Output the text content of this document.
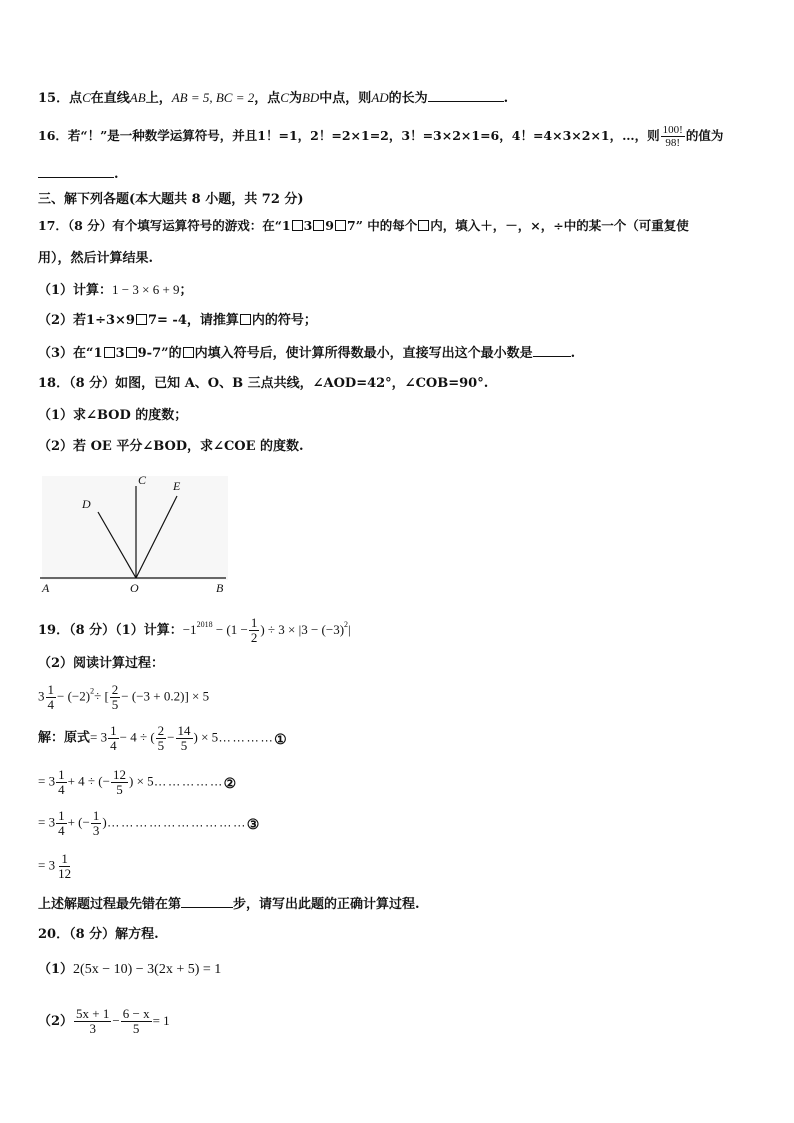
15．点C在直线AB上，AB = 5, BC = 2，点C为BD中点，则AD的长为	.
16．若“！”是一种数学运算符号，并且1！=1，2！=2×1=2，3！=3×2×1=6，4！=4×3×2×1，…，则 $\frac{100!}{98!}$ 的值为
.
三、解下列各题(本大题共 8 小题，共 72 分)
17．（8 分）有个填写运算符号的游戏：在“1 3 9 7” 中的每个 内，填入＋，－，×，÷中的某一个（可重复使
用），然后计算结果.
（1）计算：1 − 3 × 6 + 9；
（2）若1÷3×9 7= -4，请推算 内的符号；
（3）在“1 3 9-7”的 内填入符号后，使计算所得数最小，直接写出这个最小数是	.
18．（8 分）如图，已知 A、O、B 三点共线，∠AOD=42°，∠COB=90°.
（1）求∠BOD 的度数；
（2）若 OE 平分∠BOD，求∠COE 的度数.
A	O	B
C
D
E
19．（8 分）（1）计算：$-1^{2018} - (1 - \frac{1}{2}$ ) ÷ $3 \times |3 - (-3)^2|$
（2）阅读计算过程：
$3 \frac{1}{4} - (-2)^2\div$ [ $\frac{2}{5} - (-3 + 0.2)] \times 5$
解：原式= $3 \frac{1}{4} - 4$ ÷ ( $\frac{2}{5} - \frac{14}{5}$ ) × 5…………①
= $3 \frac{1}{4} + 4$ ÷ (− $\frac{12}{5}$ ) × 5……………②
= $3 \frac{1}{4}$ + (− $\frac{1}{3}$ )…………………………③
= $3 \frac{1}{12}$
上述解题过程最先错在第	步，请写出此题的正确计算过程.
20．（8 分）解方程.
（1）2(5x − 10) − 3(2x + 5) = 1
$(2) \frac{5x + 1}{3} - \frac{6 - x}{5} = 1$
